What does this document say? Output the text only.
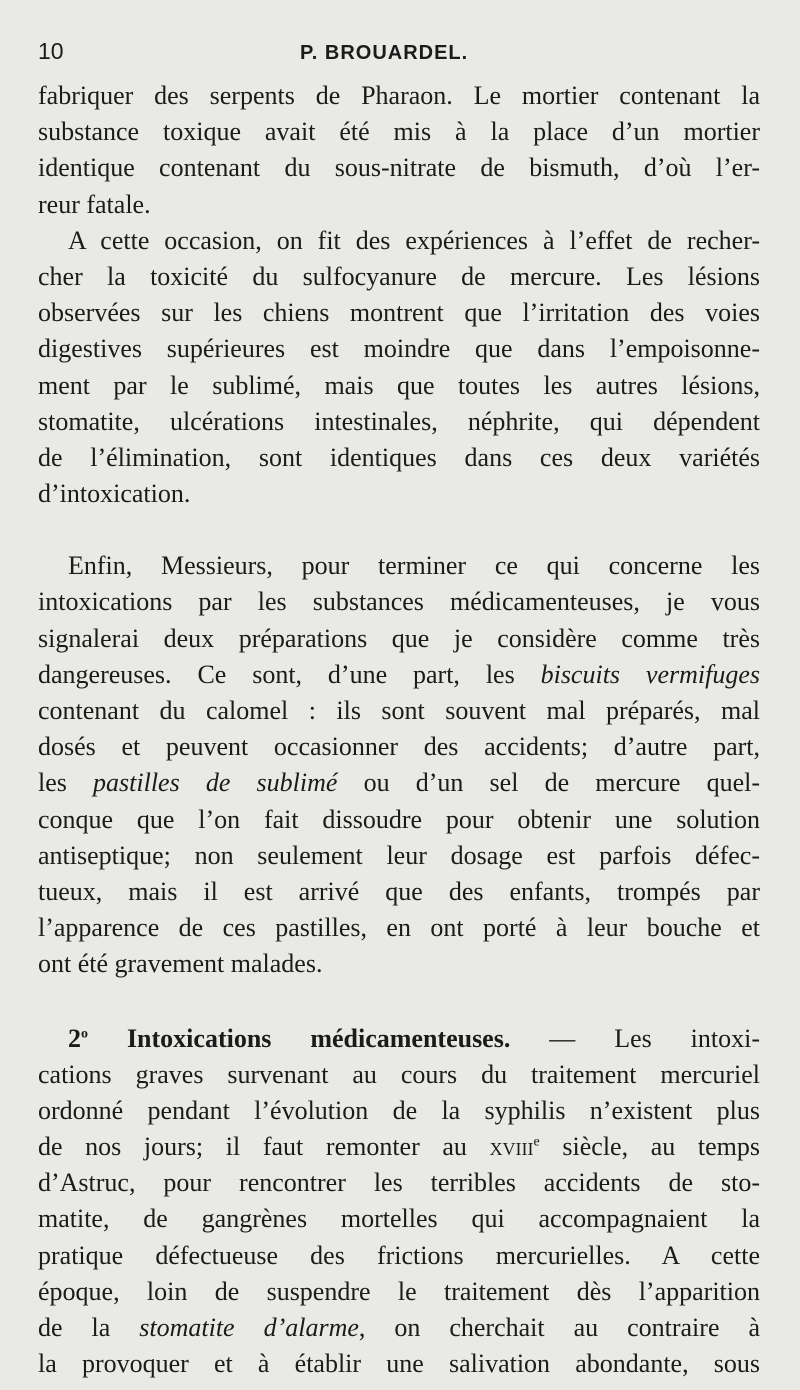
10	P. BROUARDEL.
fabriquer des serpents de Pharaon. Le mortier contenant la
substance toxique avait été mis à la place d’un mortier
identique contenant du sous-nitrate de bismuth, d’où l’er-
reur fatale.
A cette occasion, on fit des expériences à l’effet de recher-
cher la toxicité du sulfocyanure de mercure. Les lésions
observées sur les chiens montrent que l’irritation des voies
digestives supérieures est moindre que dans l’empoisonne-
ment par le sublimé, mais que toutes les autres lésions,
stomatite, ulcérations intestinales, néphrite, qui dépendent
de l’élimination, sont identiques dans ces deux variétés
d’intoxication.
Enfin, Messieurs, pour terminer ce qui concerne les
intoxications par les substances médicamenteuses, je vous
signalerai deux préparations que je considère comme très
dangereuses. Ce sont, d’une part, les biscuits vermifuges
contenant du calomel : ils sont souvent mal préparés, mal
dosés et peuvent occasionner des accidents; d’autre part,
les pastilles de sublimé ou d’un sel de mercure quel-
conque que l’on fait dissoudre pour obtenir une solution
antiseptique; non seulement leur dosage est parfois défec-
tueux, mais il est arrivé que des enfants, trompés par
l’apparence de ces pastilles, en ont porté à leur bouche et
ont été gravement malades.
2$^o$ Intoxications médicamenteuses. — Les intoxi-
cations graves survenant au cours du traitement mercuriel
ordonné pendant l’évolution de la syphilis n’existent plus
de nos jours; il faut remonter au xviii$^e$ siècle, au temps
d’Astruc, pour rencontrer les terribles accidents de sto-
matite, de gangrènes mortelles qui accompagnaient la
pratique défectueuse des frictions mercurielles. A cette
époque, loin de suspendre le traitement dès l’apparition
de la stomatite d’alarme, on cherchait au contraire à
la provoquer et à établir une salivation abondante, sous
